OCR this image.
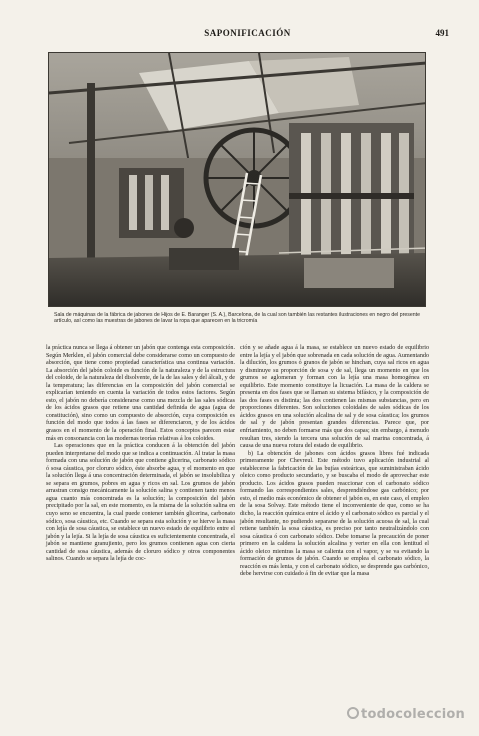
SAPONIFICACIÓN	491
Sala de máquinas de la fábrica de jabones de Hijos de E. Baranger (S. A.), Barcelona, de la cual son también las restantes ilustraciones en negro del presente artículo, así como las muestras de jabones de lavar la ropa que aparecen en la tricromía

la práctica nunca se llega á obtener un jabón que contenga esta composición. Según Merklen, el jabón comercial debe considerarse como un compuesto de absorción, que tiene como propiedad característica una continua variación. La absorción del jabón coloide es función de la naturaleza y de la estructura del coloide, de la naturaleza del disolvente, de la de las sales y del álcali, y de la temperatura; las diferencias en la composición del jabón comercial se explicarían teniendo en cuenta la variación de todos estos factores. Según esto, el jabón no debería considerarse como una mezcla de las sales sódicas de los ácidos grasos que retiene una cantidad definida de agua (agua de constitución), sino como un compuesto de absorción, cuya composición es función del modo que todos á las fases se diferenciaron, y de los ácidos grasos en el momento de la operación final. Estos conceptos parecen estar más en consonancia con las modernas teorías relativas á los coloides.

Las operaciones que en la práctica conducen á la obtención del jabón pueden interpretarse del modo que se indica a continuación. Al tratar la masa formada con una solución de jabón que contiene glicerina, carbonato sódico ó sosa cáustica, por cloruro sódico, éste absorbe agua, y el momento en que la solución llega á una concentración determinada, el jabón se insolubiliza y se separa en grumos, pobres en agua y ricos en sal. Los grumos de jabón arrastran consigo mecánicamente la solución salina y contienen tanto menos agua cuanto más concentrada es la solución; la composición del jabón precipitado por la sal, en este momento, es la misma de la solución salina en cuyo seno se encuentra, la cual puede contener también glicerina, carbonato sódico, sosa cáustica, etc. Cuando se separa esta solución y se hierve la masa con lejía de sosa cáustica, se establece un nuevo estado de equilibrio entre el jabón y la lejía. Si la lejía de sosa cáustica es suficientemente concentrada, el jabón se mantiene granujiento, pero los grumos contienen agua con cierta cantidad de sosa cáustica, además de cloruro sódico y otros componentes salinos. Cuando se separa la lejía de coc-

ción y se añade agua á la masa, se establece un nuevo estado de equilibrio entre la lejía y el jabón que sobrenada en cada solución de agua. Aumentando la dilución, los grumos ó granos de jabón se hinchan, cuya sal ricos en agua y disminuye su proporción de sosa y de sal, llega un momento en que los grumos se aglomeran y forman con la lejía una masa homogénea en equilibrio. Este momento constituye la licuación. La masa de la caldera se presenta en dos fases que se llaman su sistema bifásico, y la composición de las dos fases es distinta; las dos contienen las mismas substancias, pero en proporciones diferentes. Son soluciones coloidales de sales sódicas de los ácidos grasos en una solución alcalina de sal y de sosa cáustica; los grumos de sal y de jabón presentan grandes diferencias. Parece que, por enfriamiento, no deben formarse más que dos capas; sin embargo, á menudo resultan tres, siendo la tercera una solución de sal marina concentrada, á causa de una nueva rotura del estado de equilibrio.

b) La obtención de jabones con ácidos grasos libres fué indicada primeramente por Chevreul. Este método tuvo aplicación industrial al establecerse la fabricación de las bujías esteáricas, que suministraban ácido oleico como producto secundario, y se buscaba el modo de aprovechar este producto. Los ácidos grasos pueden reaccionar con el carbonato sódico formando las correspondientes sales, desprendiéndose gas carbónico; por esto, el medio más económico de obtener el jabón es, en este caso, el empleo de la sosa Solvay. Este método tiene el inconveniente de que, como se ha dicho, la reacción química entre el ácido y el carbonato sódico es parcial y el jabón resultante, no pudiendo separarse de la solución acuosa de sal, la cual retiene también la sosa cáustica, es preciso por tanto neutralizándolo con sosa cáustica ó con carbonato sódico. Debe tomarse la precaución de poner primero en la caldera la solución alcalina y verter en ella con lentitud el ácido oleico mientras la masa se calienta con el vapor, y se va evitando la formación de grumos de jabón. Cuando se emplea el carbonato sódico, la reacción es más lenta, y con el carbonato sódico, se desprende gas carbónico, debe hervirse con cuidado á fin de evitar que la masa

todocoleccion
